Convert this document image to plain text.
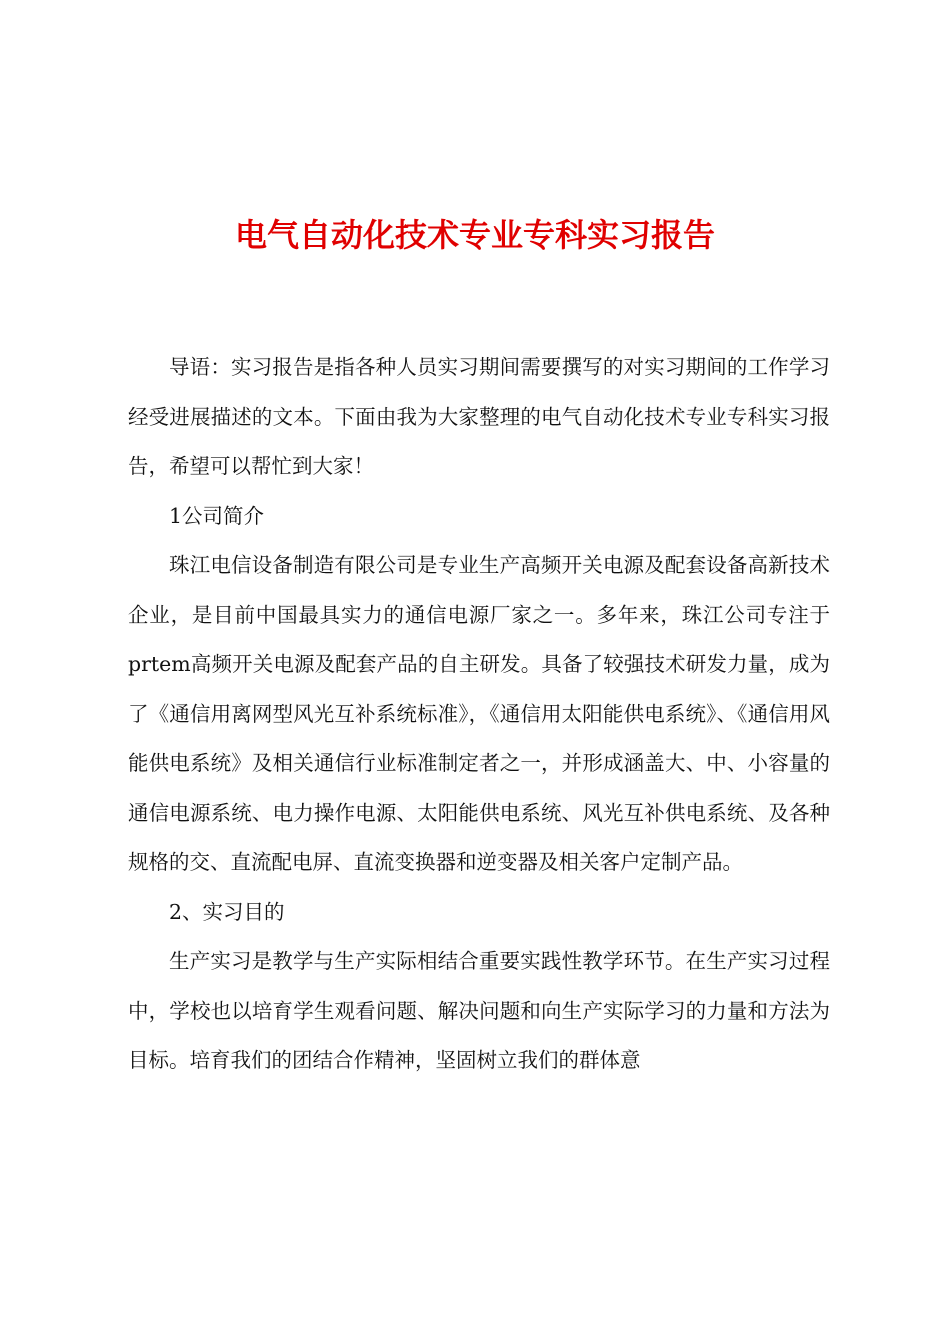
电气自动化技术专业专科实习报告

导语：实习报告是指各种人员实习期间需要撰写的对实习期间的工作学习经受进展描述的文本。下面由我为大家整理的电气自动化技术专业专科实习报告，希望可以帮忙到大家！

1公司简介

珠江电信设备制造有限公司是专业生产高频开关电源及配套设备高新技术企业，是目前中国最具实力的通信电源厂家之一。多年来，珠江公司专注于prtem高频开关电源及配套产品的自主研发。具备了较强技术研发力量，成为了《通信用离网型风光互补系统标准》，《通信用太阳能供电系统》、《通信用风能供电系统》及相关通信行业标准制定者之一，并形成涵盖大、中、小容量的通信电源系统、电力操作电源、太阳能供电系统、风光互补供电系统、及各种规格的交、直流配电屏、直流变换器和逆变器及相关客户定制产品。

2、实习目的

生产实习是教学与生产实际相结合重要实践性教学环节。在生产实习过程中，学校也以培育学生观看问题、解决问题和向生产实际学习的力量和方法为目标。培育我们的团结合作精神，坚固树立我们的群体意
